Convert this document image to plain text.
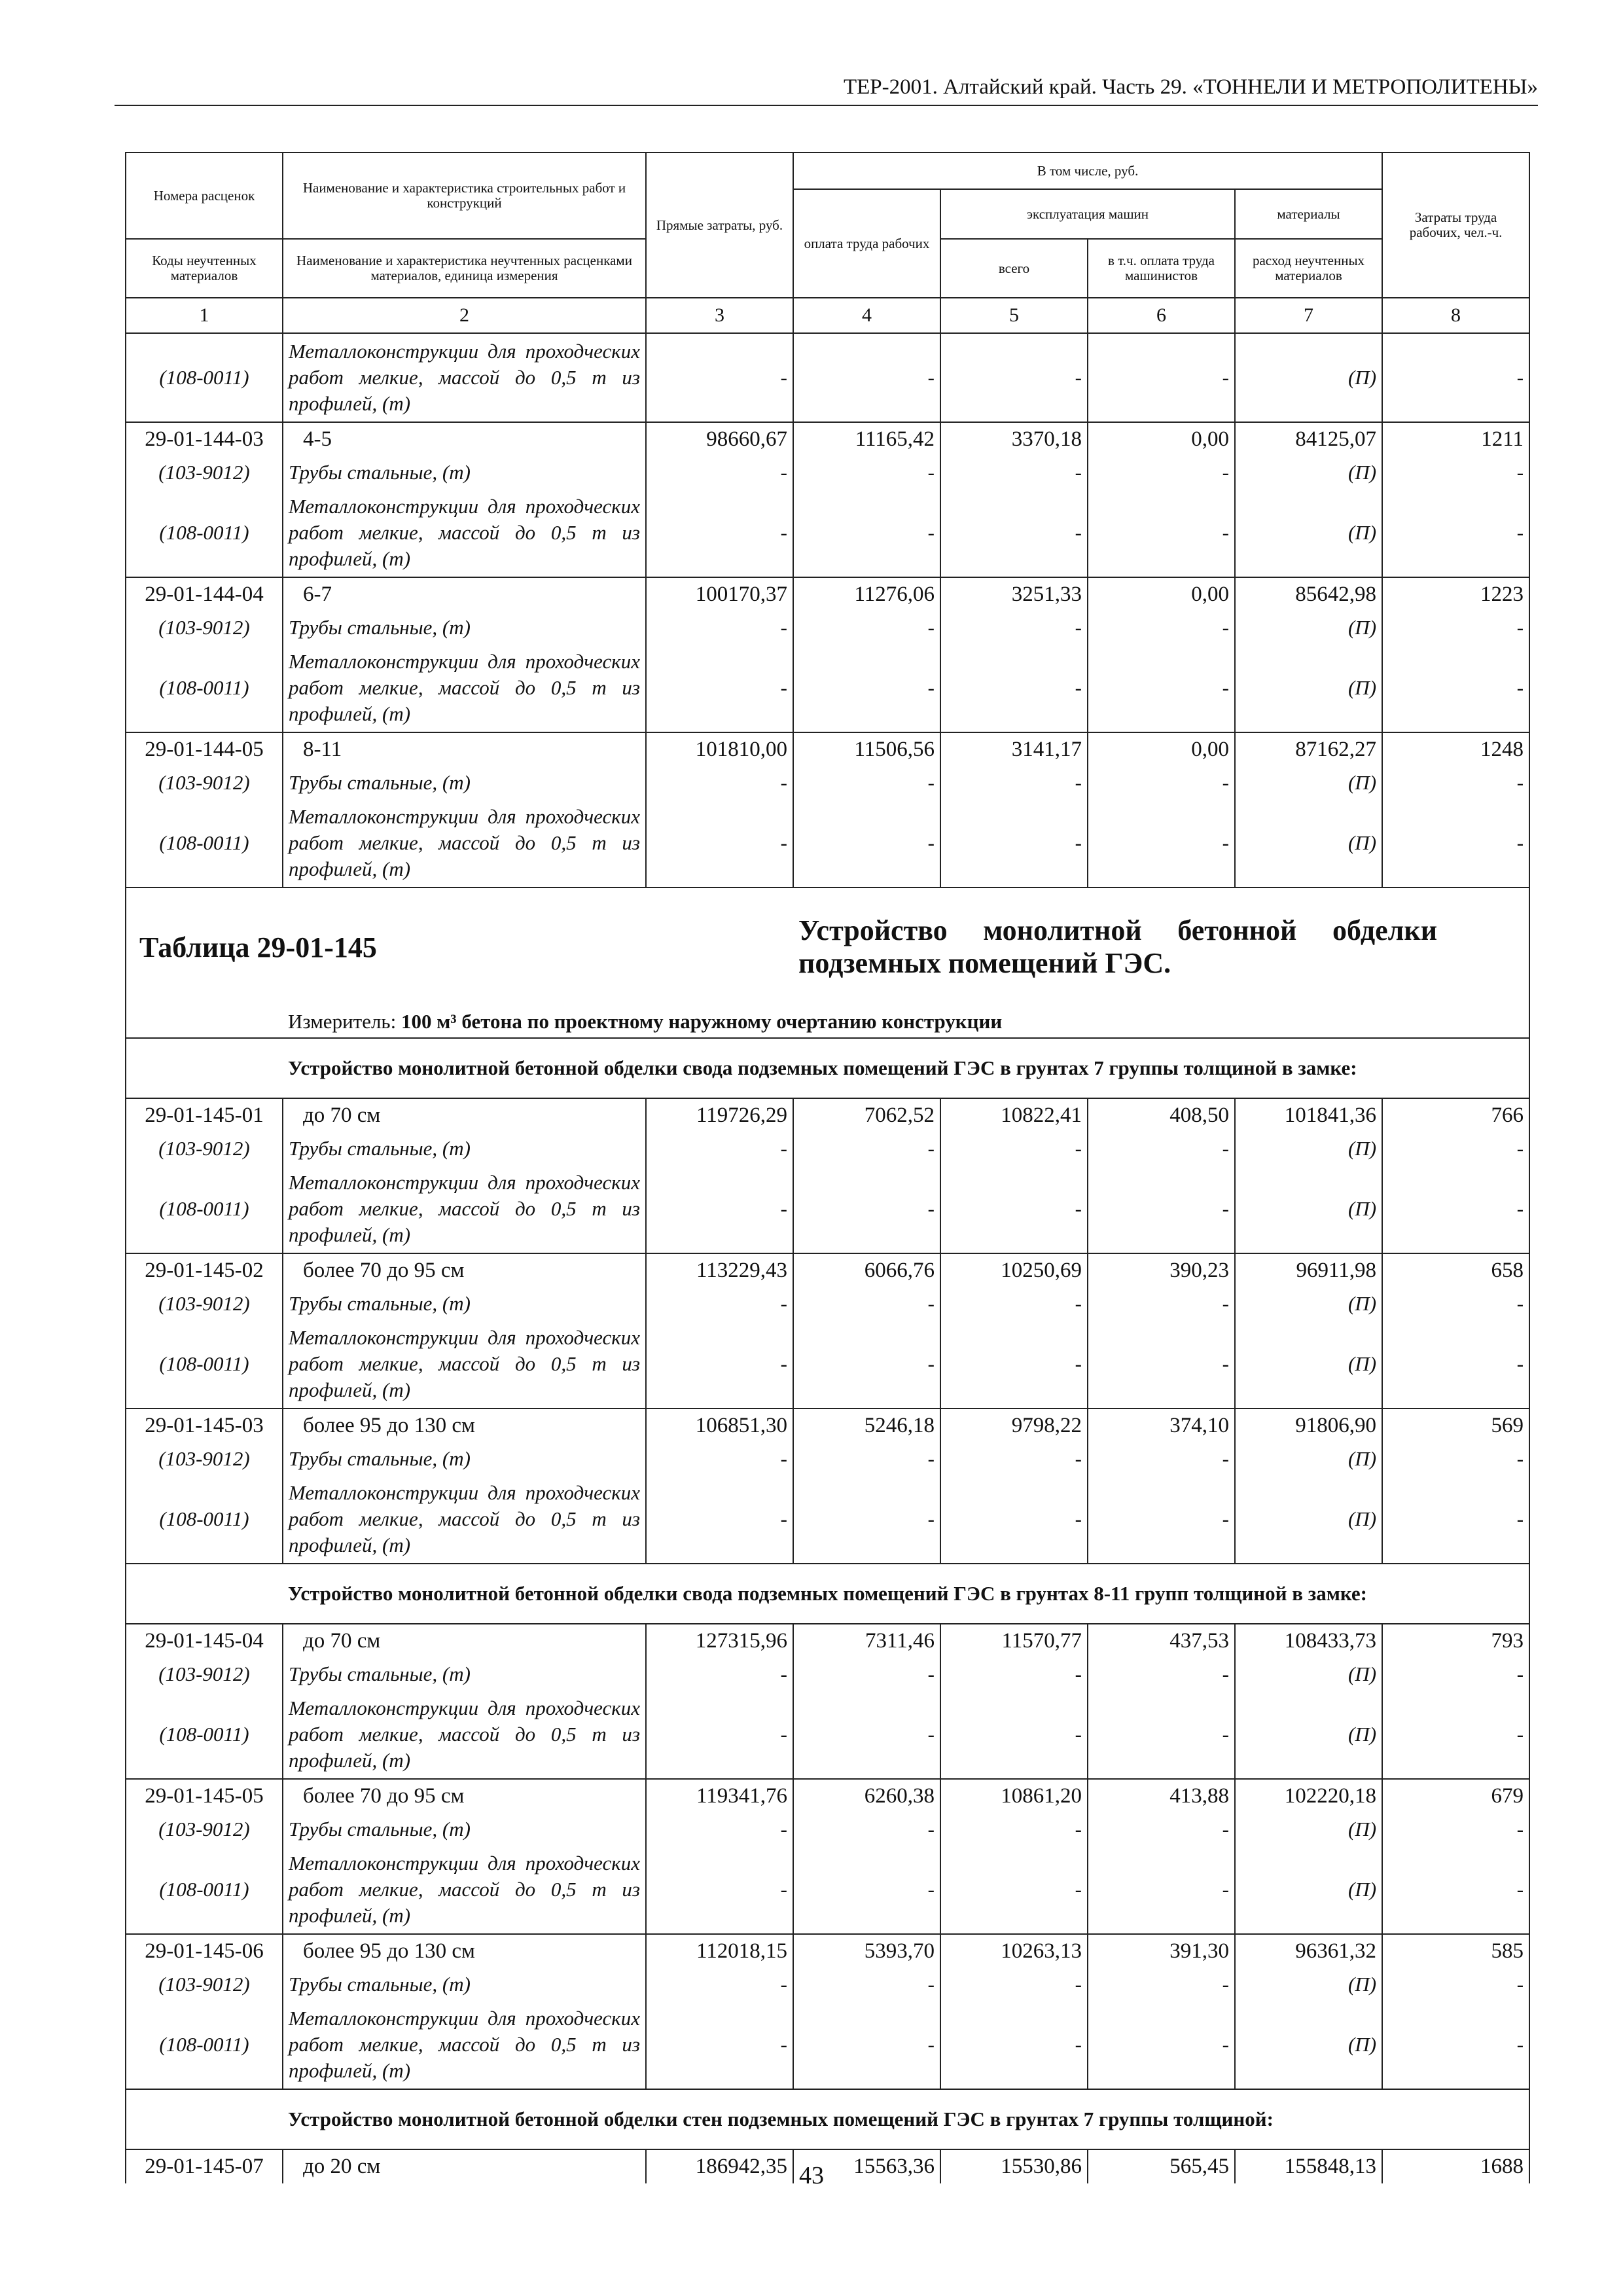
ТЕР-2001. Алтайский край. Часть 29. «ТОННЕЛИ И МЕТРОПОЛИТЕНЫ»
Номера расценок	Наименование и характеристика строительных работ и конструкций	Прямые затраты, руб.	В том числе, руб.				Затраты труда рабочих, чел.-ч.
			оплата труда рабочих	эксплуатация машин		материалы	
Коды неучтенных материалов	Наименование и характеристика неучтенных расценками материалов, единица измерения			всего	в т.ч. оплата труда машинистов	расход неучтенных материалов	

1	2	3	4	5	6	7	8
(108-0011)	Металлоконструкции для проходческих работ мелкие, массой до 0,5 т из профилей, (т)	-	-	-	-	(П)	-
29-01-144-03	4-5	98660,67	11165,42	3370,18	0,00	84125,07	1211
(103-9012)	Трубы стальные, (т)	-	-	-	-	(П)	-
(108-0011)	Металлоконструкции для проходческих работ мелкие, массой до 0,5 т из профилей, (т)	-	-	-	-	(П)	-
29-01-144-04	6-7	100170,37	11276,06	3251,33	0,00	85642,98	1223
(103-9012)	Трубы стальные, (т)	-	-	-	-	(П)	-
(108-0011)	Металлоконструкции для проходческих работ мелкие, массой до 0,5 т из профилей, (т)	-	-	-	-	(П)	-
29-01-144-05	8-11	101810,00	11506,56	3141,17	0,00	87162,27	1248
(103-9012)	Трубы стальные, (т)	-	-	-	-	(П)	-
(108-0011)	Металлоконструкции для проходческих работ мелкие, массой до 0,5 т из профилей, (т)	-	-	-	-	(П)	-
Таблица 29-01-145			Устройство монолитной бетонной обделки подземных помещений ГЭС.				
	Измеритель: 100 м³ бетона по проектному наружному очертанию конструкции						
	Устройство монолитной бетонной обделки свода подземных помещений ГЭС в грунтах 7 группы толщиной в замке:						
29-01-145-01	до 70 см	119726,29	7062,52	10822,41	408,50	101841,36	766
(103-9012)	Трубы стальные, (т)	-	-	-	-	(П)	-
(108-0011)	Металлоконструкции для проходческих работ мелкие, массой до 0,5 т из профилей, (т)	-	-	-	-	(П)	-
29-01-145-02	более 70 до 95 см	113229,43	6066,76	10250,69	390,23	96911,98	658
(103-9012)	Трубы стальные, (т)	-	-	-	-	(П)	-
(108-0011)	Металлоконструкции для проходческих работ мелкие, массой до 0,5 т из профилей, (т)	-	-	-	-	(П)	-
29-01-145-03	более 95 до 130 см	106851,30	5246,18	9798,22	374,10	91806,90	569
(103-9012)	Трубы стальные, (т)	-	-	-	-	(П)	-
(108-0011)	Металлоконструкции для проходческих работ мелкие, массой до 0,5 т из профилей, (т)	-	-	-	-	(П)	-
	Устройство монолитной бетонной обделки свода подземных помещений ГЭС в грунтах 8-11 групп толщиной в замке:						
29-01-145-04	до 70 см	127315,96	7311,46	11570,77	437,53	108433,73	793
(103-9012)	Трубы стальные, (т)	-	-	-	-	(П)	-
(108-0011)	Металлоконструкции для проходческих работ мелкие, массой до 0,5 т из профилей, (т)	-	-	-	-	(П)	-
29-01-145-05	более 70 до 95 см	119341,76	6260,38	10861,20	413,88	102220,18	679
(103-9012)	Трубы стальные, (т)	-	-	-	-	(П)	-
(108-0011)	Металлоконструкции для проходческих работ мелкие, массой до 0,5 т из профилей, (т)	-	-	-	-	(П)	-
29-01-145-06	более 95 до 130 см	112018,15	5393,70	10263,13	391,30	96361,32	585
(103-9012)	Трубы стальные, (т)	-	-	-	-	(П)	-
(108-0011)	Металлоконструкции для проходческих работ мелкие, массой до 0,5 т из профилей, (т)	-	-	-	-	(П)	-
	Устройство монолитной бетонной обделки стен подземных помещений ГЭС в грунтах 7 группы толщиной:						
29-01-145-07	до 20 см	186942,35	15563,36	15530,86	565,45	155848,13	1688
43
